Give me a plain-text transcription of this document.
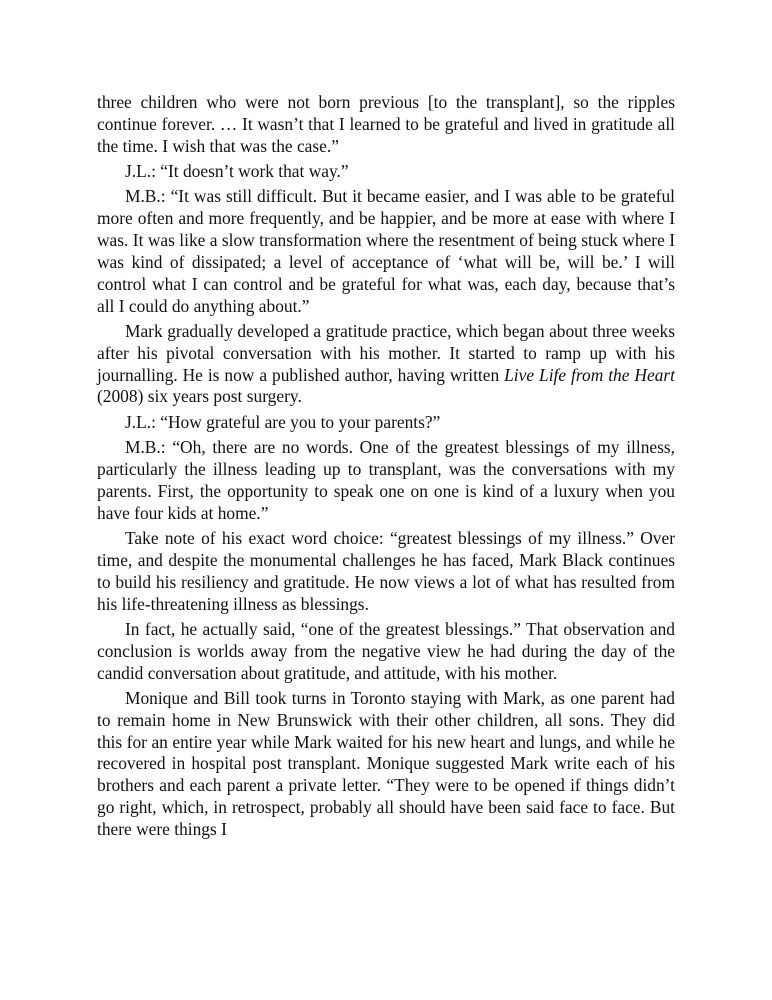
three children who were not born previous [to the transplant], so the ripples continue forever. … It wasn’t that I learned to be grateful and lived in gratitude all the time. I wish that was the case.”

J.L.: “It doesn’t work that way.”

M.B.: “It was still difficult. But it became easier, and I was able to be grateful more often and more frequently, and be happier, and be more at ease with where I was. It was like a slow transformation where the resentment of being stuck where I was kind of dissipated; a level of acceptance of ‘what will be, will be.’ I will control what I can control and be grateful for what was, each day, because that’s all I could do anything about.”

Mark gradually developed a gratitude practice, which began about three weeks after his pivotal conversation with his mother. It started to ramp up with his journalling. He is now a published author, having written Live Life from the Heart (2008) six years post surgery.

J.L.: “How grateful are you to your parents?”

M.B.: “Oh, there are no words. One of the greatest blessings of my illness, particularly the illness leading up to transplant, was the conversations with my parents. First, the opportunity to speak one on one is kind of a luxury when you have four kids at home.”

Take note of his exact word choice: “greatest blessings of my illness.” Over time, and despite the monumental challenges he has faced, Mark Black continues to build his resiliency and gratitude. He now views a lot of what has resulted from his life-threatening illness as blessings.

In fact, he actually said, “one of the greatest blessings.” That observation and conclusion is worlds away from the negative view he had during the day of the candid conversation about gratitude, and attitude, with his mother.

Monique and Bill took turns in Toronto staying with Mark, as one parent had to remain home in New Brunswick with their other children, all sons. They did this for an entire year while Mark waited for his new heart and lungs, and while he recovered in hospital post transplant. Monique suggested Mark write each of his brothers and each parent a private letter. “They were to be opened if things didn’t go right, which, in retrospect, probably all should have been said face to face. But there were things I
